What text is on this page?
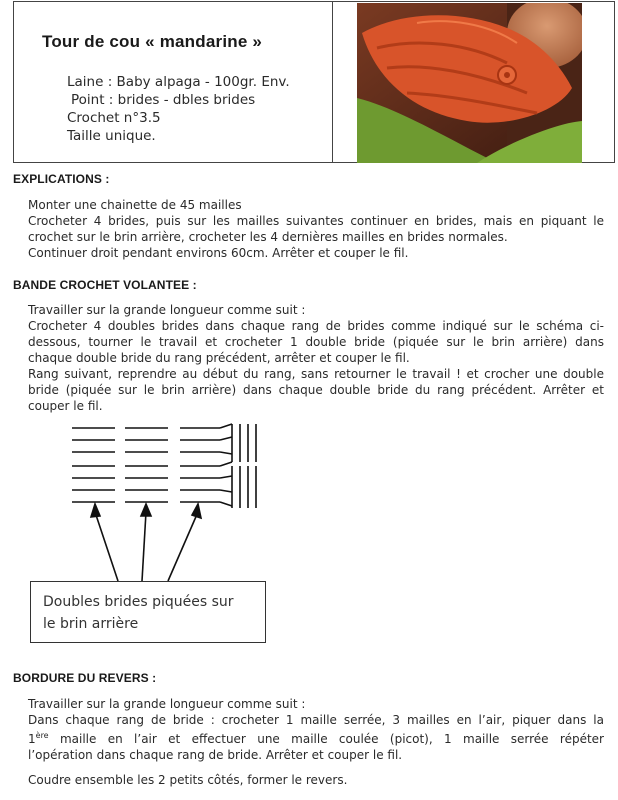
Tour de cou « mandarine »
Laine : Baby alpaga - 100gr. Env.
Point : brides - dbles brides
Crochet n°3.5
Taille unique.
EXPLICATIONS :
Monter une chainette de 45 mailles
Crocheter 4 brides, puis sur les mailles suivantes continuer en brides, mais en piquant le
crochet sur le brin arrière, crocheter les 4 dernières mailles en brides normales.
Continuer droit pendant environs 60cm. Arrêter et couper le fil.
BANDE CROCHET VOLANTEE :
Travailler sur la grande longueur comme suit :
Crocheter 4 doubles brides dans chaque rang de brides comme indiqué sur le schéma ci-
dessous, tourner le travail et crocheter 1 double bride (piquée sur le brin arrière) dans
chaque double bride du rang précédent, arrêter et couper le fil.
Rang suivant, reprendre au début du rang, sans retourner le travail ! et crocher une double
bride (piquée sur le brin arrière) dans chaque double bride du rang précédent. Arrêter et
couper le fil.
Doubles brides piquées sur
le brin arrière
BORDURE DU REVERS :
Travailler sur la grande longueur comme suit :
Dans chaque rang de bride : crocheter 1 maille serrée, 3 mailles en l’air, piquer dans la
1ère maille en l’air et effectuer une maille coulée (picot), 1 maille serrée répéter
l’opération dans chaque rang de bride. Arrêter et couper le fil.
Coudre ensemble les 2 petits côtés, former le revers.
